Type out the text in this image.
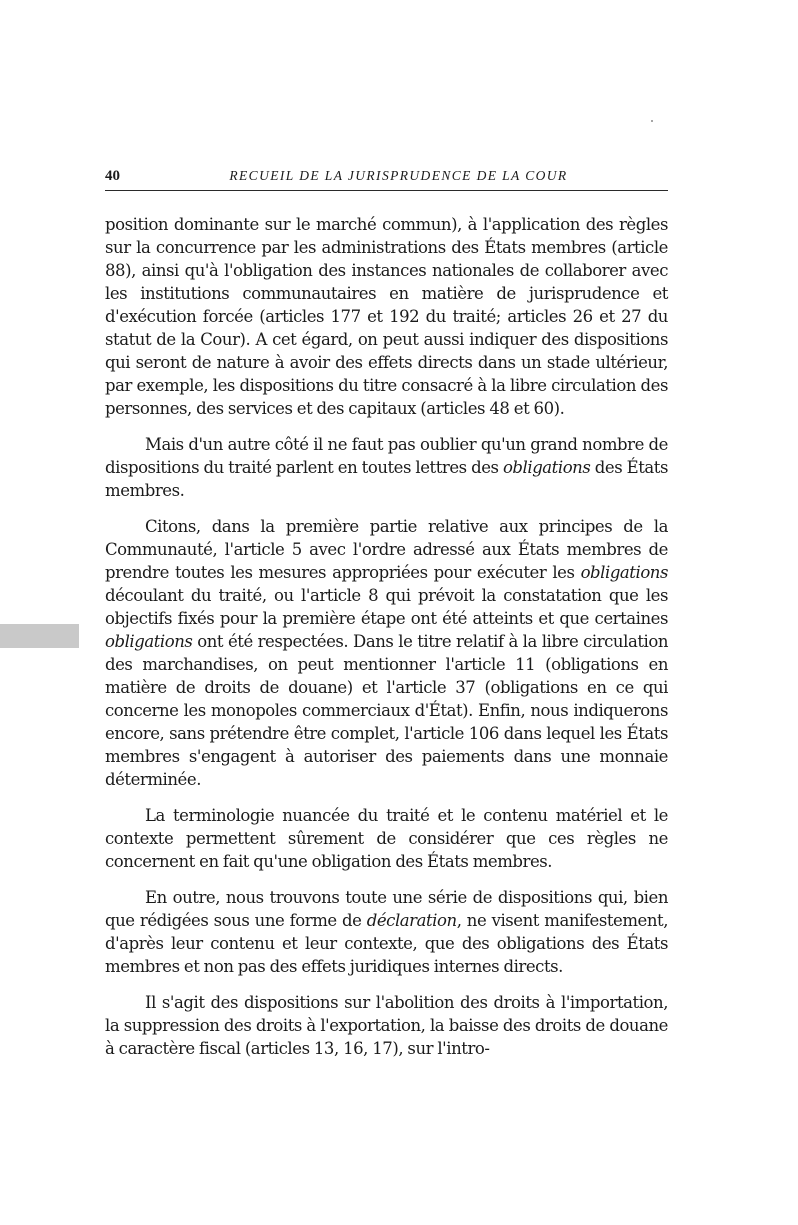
40	RECUEIL DE LA JURISPRUDENCE DE LA COUR

position dominante sur le marché commun), à l'application des règles sur la concurrence par les administrations des États membres (article 88), ainsi qu'à l'obligation des instances nationales de collaborer avec les institutions communautaires en matière de jurisprudence et d'exécution forcée (articles 177 et 192 du traité; articles 26 et 27 du statut de la Cour). A cet égard, on peut aussi indiquer des dispositions qui seront de nature à avoir des effets directs dans un stade ultérieur, par exemple, les dispositions du titre consacré à la libre circulation des personnes, des services et des capitaux (articles 48 et 60).

Mais d'un autre côté il ne faut pas oublier qu'un grand nombre de dispositions du traité parlent en toutes lettres des obligations des États membres.

Citons, dans la première partie relative aux principes de la Communauté, l'article 5 avec l'ordre adressé aux États membres de prendre toutes les mesures appropriées pour exécuter les obligations découlant du traité, ou l'article 8 qui prévoit la constatation que les objectifs fixés pour la première étape ont été atteints et que certaines obligations ont été respectées. Dans le titre relatif à la libre circulation des marchandises, on peut mentionner l'article 11 (obligations en matière de droits de douane) et l'article 37 (obligations en ce qui concerne les monopoles commerciaux d'État). Enfin, nous indiquerons encore, sans prétendre être complet, l'article 106 dans lequel les États membres s'engagent à autoriser des paiements dans une monnaie déterminée.

La terminologie nuancée du traité et le contenu matériel et le contexte permettent sûrement de considérer que ces règles ne concernent en fait qu'une obligation des États membres.

En outre, nous trouvons toute une série de dispositions qui, bien que rédigées sous une forme de déclaration, ne visent manifestement, d'après leur contenu et leur contexte, que des obligations des États membres et non pas des effets juridiques internes directs.

Il s'agit des dispositions sur l'abolition des droits à l'importation, la suppression des droits à l'exportation, la baisse des droits de douane à caractère fiscal (articles 13, 16, 17), sur l'intro-
